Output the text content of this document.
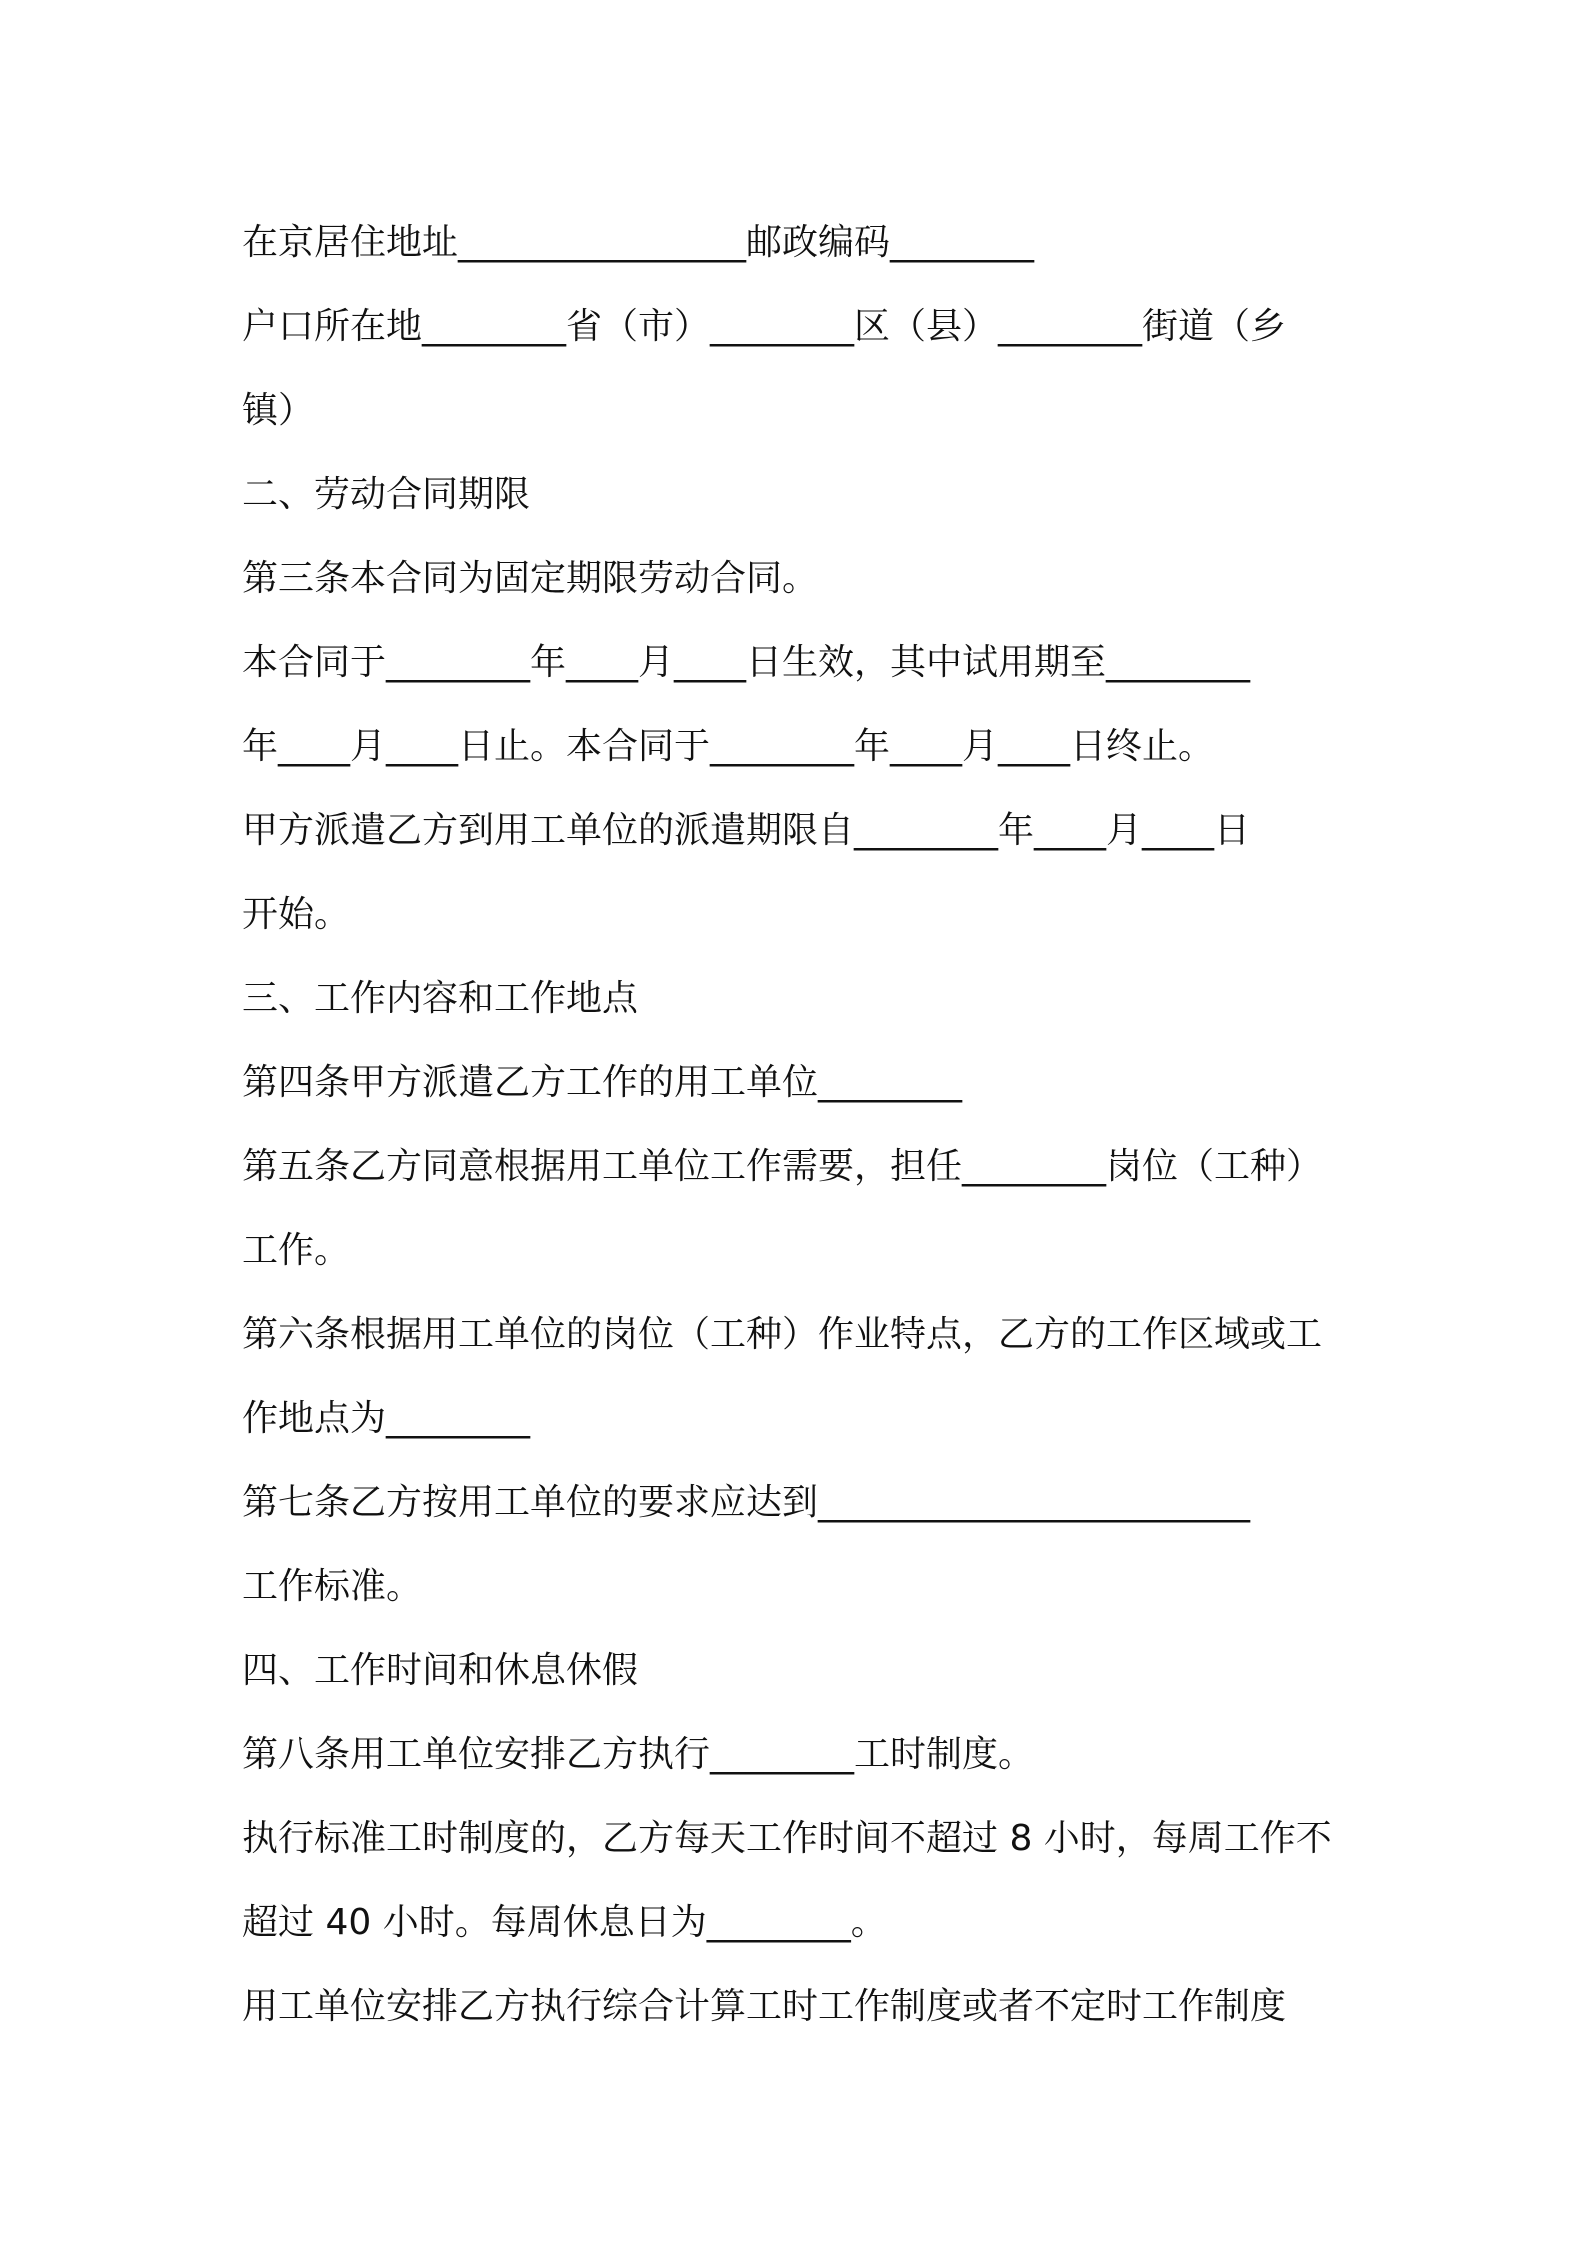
在京居住地址________________邮政编码________
户口所在地________省（市）________区（县）________街道（乡
镇）
二、劳动合同期限
第三条本合同为固定期限劳动合同。
本合同于________年____月____日生效，其中试用期至________
年____月____日止。本合同于________年____月____日终止。
甲方派遣乙方到用工单位的派遣期限自________年____月____日
开始。
三、工作内容和工作地点
第四条甲方派遣乙方工作的用工单位________
第五条乙方同意根据用工单位工作需要，担任________岗位（工种）
工作。
第六条根据用工单位的岗位（工种）作业特点，乙方的工作区域或工
作地点为________
第七条乙方按用工单位的要求应达到________________________
工作标准。
四、工作时间和休息休假
第八条用工单位安排乙方执行________工时制度。
执行标准工时制度的，乙方每天工作时间不超过 8 小时，每周工作不
超过 40 小时。每周休息日为________。
用工单位安排乙方执行综合计算工时工作制度或者不定时工作制度
